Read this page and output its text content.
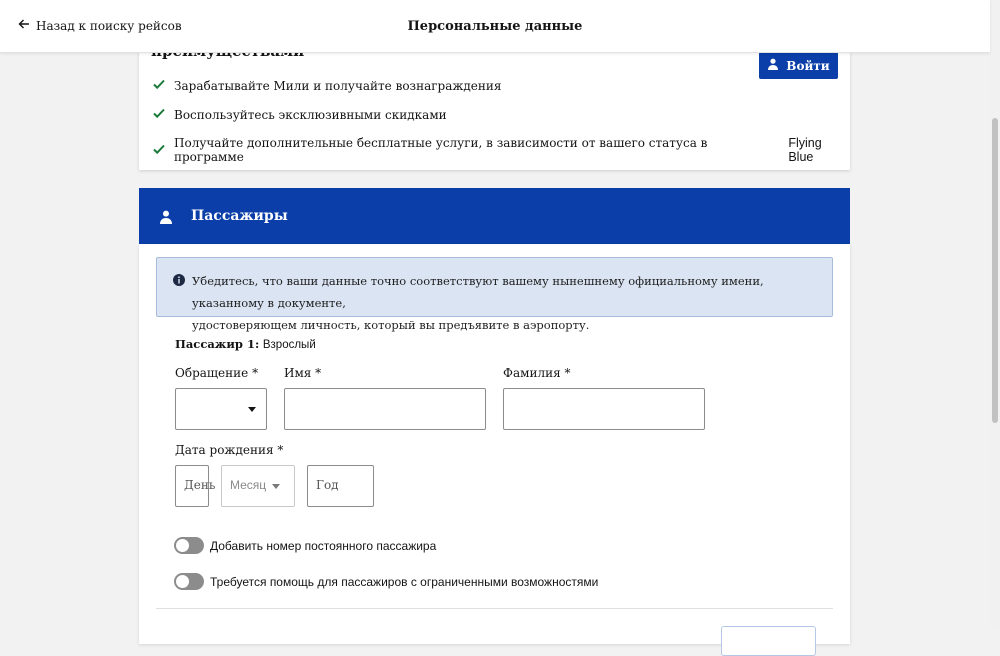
Назад к поиску рейсов	Персональные данные
Войти
Зарабатывайте Мили и получайте вознаграждения
Воспользуйтесь эксклюзивными скидками
Получайте дополнительные бесплатные услуги, в зависимости от вашего статуса в программе
Flying Blue
Пассажиры
Убедитесь, что ваши данные точно соответствуют вашему нынешнему официальному имени, указанному в документе,
удостоверяющем личность, который вы предъявите в аэропорту.
Пассажир 1: Взрослый
Обращение * Имя *	Фамилия *
Дата рождения *
День Месяц	Год
Добавить номер постоянного пассажира
Требуется помощь для пассажиров с ограниченными возможностями
